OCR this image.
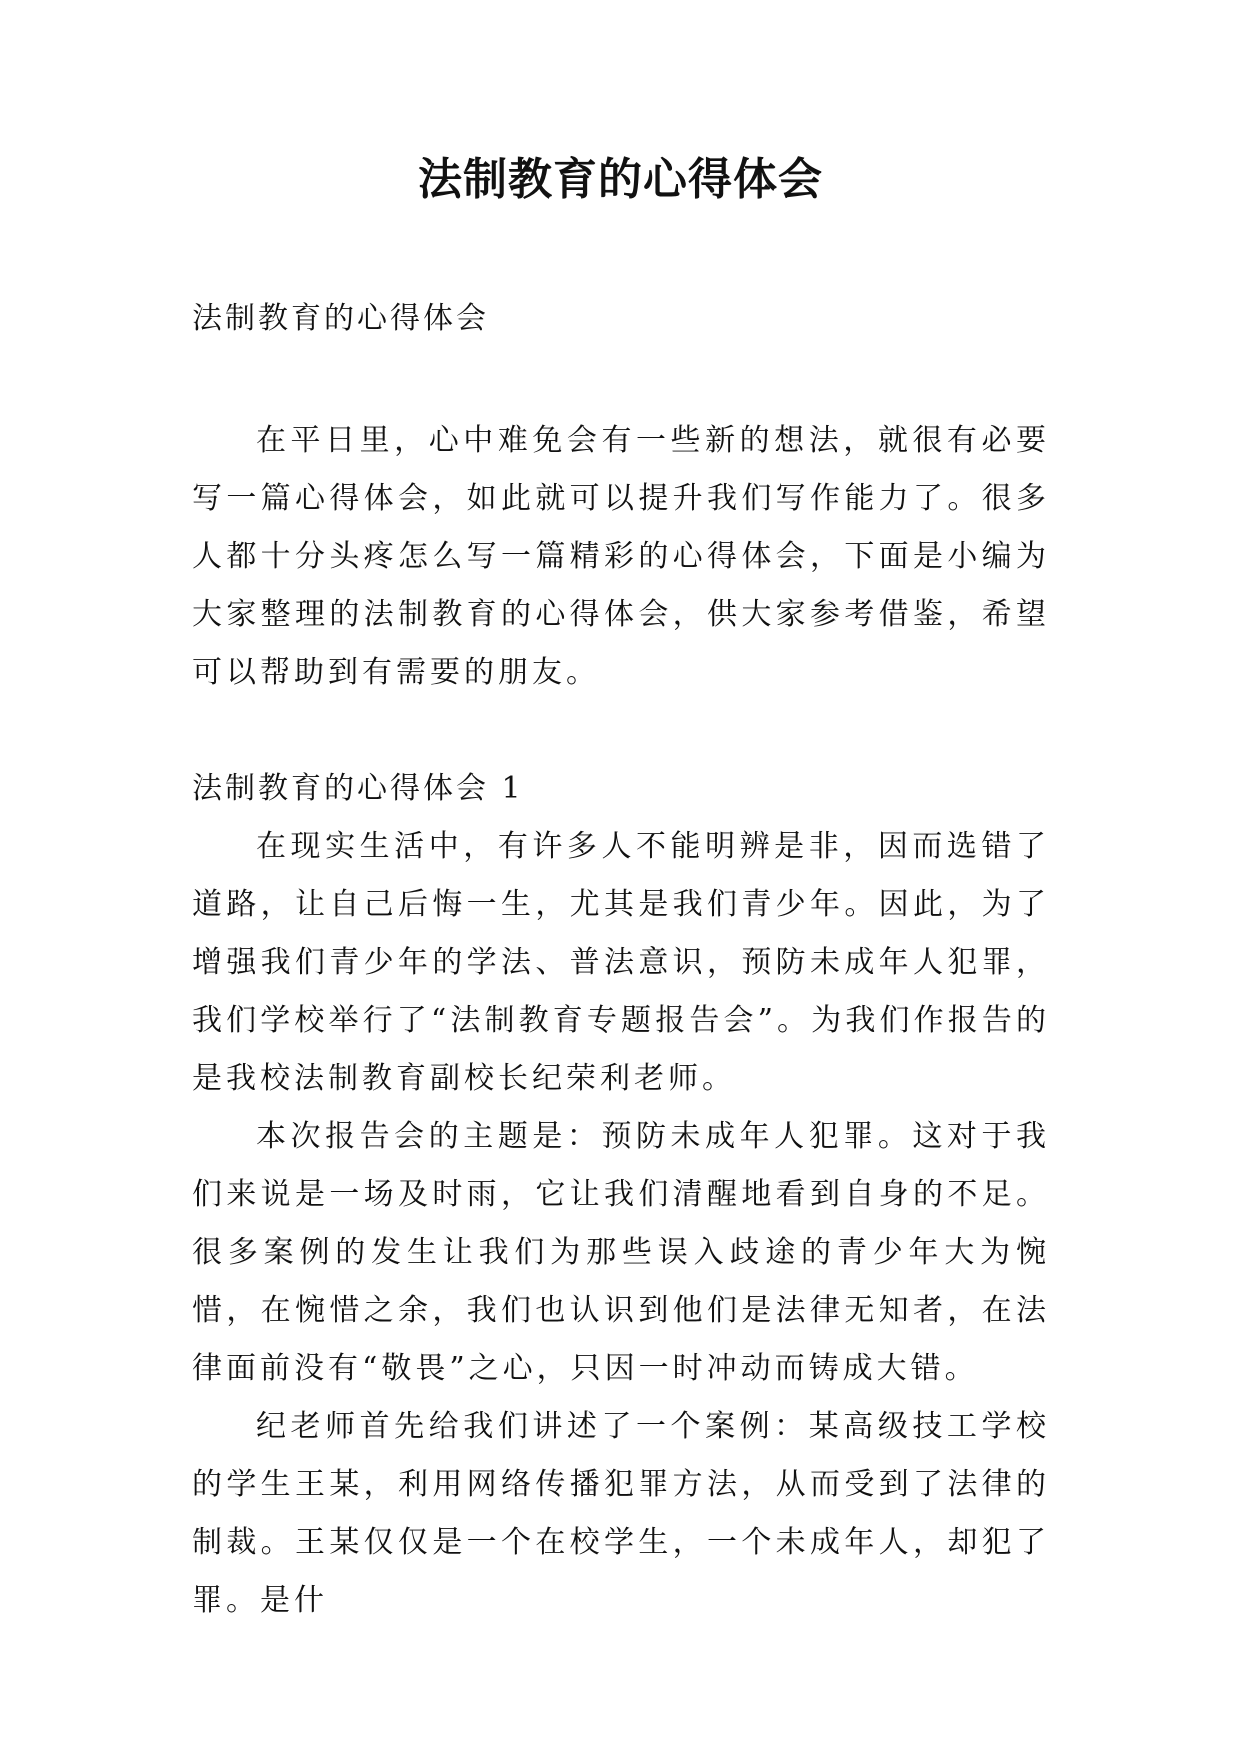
法制教育的心得体会

法制教育的心得体会

在平日里，心中难免会有一些新的想法，就很有必要写一篇心得体会，如此就可以提升我们写作能力了。很多人都十分头疼怎么写一篇精彩的心得体会，下面是小编为大家整理的法制教育的心得体会，供大家参考借鉴，希望可以帮助到有需要的朋友。

法制教育的心得体会 1

在现实生活中，有许多人不能明辨是非，因而选错了道路，让自己后悔一生，尤其是我们青少年。因此，为了增强我们青少年的学法、普法意识，预防未成年人犯罪，我们学校举行了“法制教育专题报告会”。为我们作报告的是我校法制教育副校长纪荣利老师。

本次报告会的主题是：预防未成年人犯罪。这对于我们来说是一场及时雨，它让我们清醒地看到自身的不足。很多案例的发生让我们为那些误入歧途的青少年大为惋惜，在惋惜之余，我们也认识到他们是法律无知者，在法律面前没有“敬畏”之心，只因一时冲动而铸成大错。

纪老师首先给我们讲述了一个案例：某高级技工学校的学生王某，利用网络传播犯罪方法，从而受到了法律的制裁。王某仅仅是一个在校学生，一个未成年人，却犯了罪。是什
